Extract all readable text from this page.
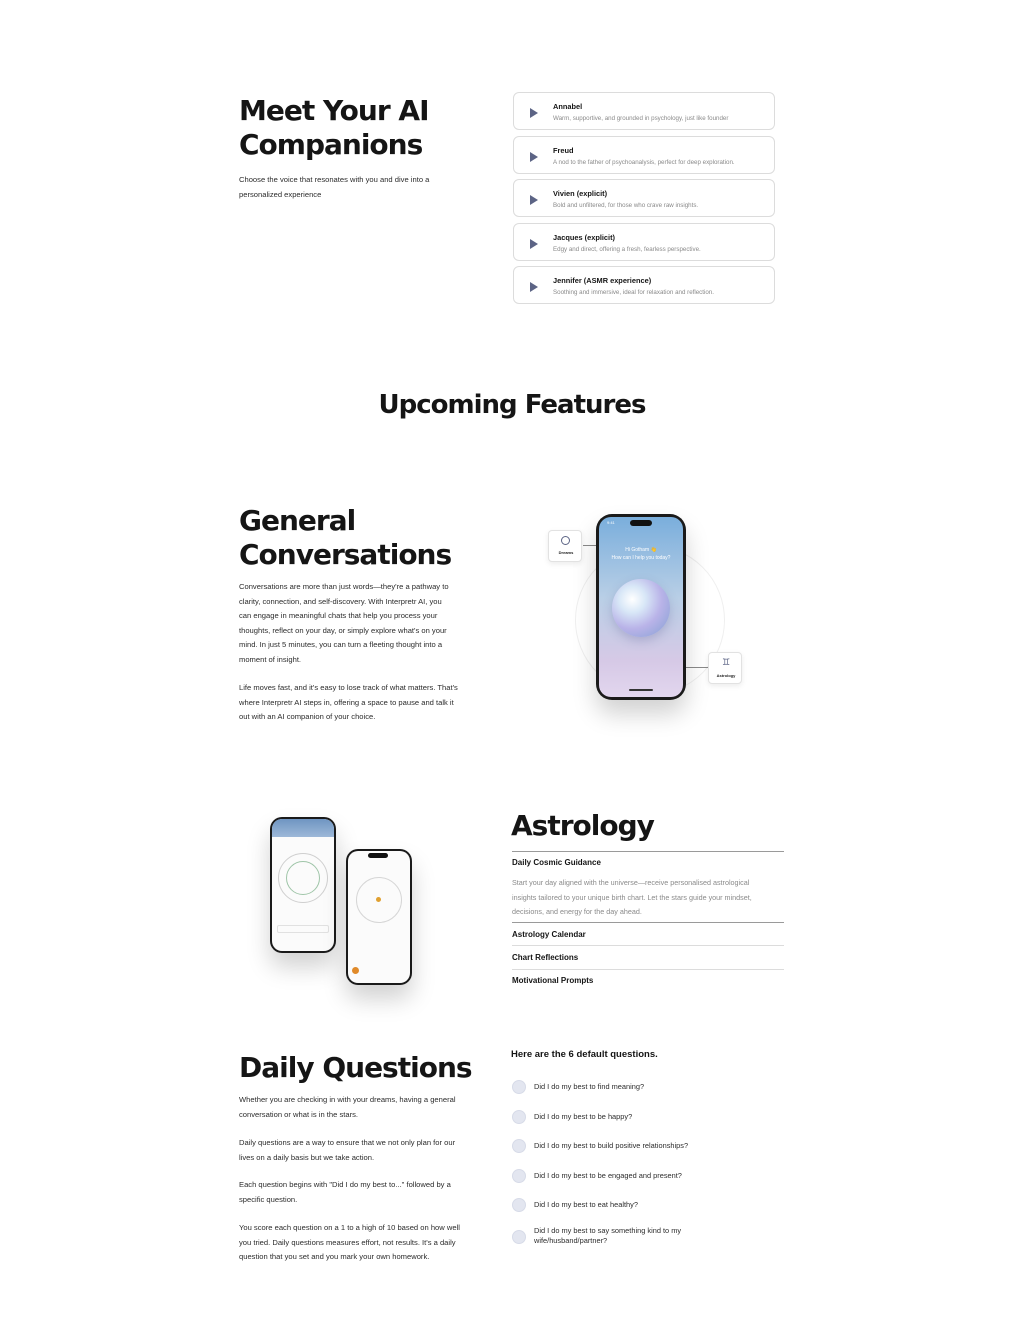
Meet Your AI
Companions

Choose the voice that resonates with you and dive into a
personalized experience

Annabel
Warm, supportive, and grounded in psychology, just like founder
Freud
A nod to the father of psychoanalysis, perfect for deep exploration.
Vivien (explicit)
Bold and unfiltered, for those who crave raw insights.
Jacques (explicit)
Edgy and direct, offering a fresh, fearless perspective.
Jennifer (ASMR experience)
Soothing and immersive, ideal for relaxation and reflection.
Upcoming Features
General
Conversations

Conversations are more than just words—they're a pathway to
clarity, connection, and self-discovery. With Interpretr AI, you
can engage in meaningful chats that help you process your
thoughts, reflect on your day, or simply explore what's on your
mind. In just 5 minutes, you can turn a fleeting thought into a
moment of insight.

Life moves fast, and it's easy to lose track of what matters. That's
where Interpretr AI steps in, offering a space to pause and talk it
out with an AI companion of your choice.

9:41
Hi Gotham 👋
How can I help you today?
Dreams
♊
Astrology
Astrology
Daily Cosmic Guidance

Start your day aligned with the universe—receive personalised astrological
insights tailored to your unique birth chart. Let the stars guide your mindset,
decisions, and energy for the day ahead.

Astrology Calendar
Chart Reflections
Motivational Prompts
Daily Questions

Whether you are checking in with your dreams, having a general
conversation or what is in the stars.

Daily questions are a way to ensure that we not only plan for our
lives on a daily basis but we take action.

Each question begins with "Did I do my best to..." followed by a
specific question.

You score each question on a 1 to a high of 10 based on how well
you tried. Daily questions measures effort, not results. It's a daily
question that you set and you mark your own homework.

Here are the 6 default questions.
Did I do my best to find meaning?
Did I do my best to be happy?
Did I do my best to build positive relationships?
Did I do my best to be engaged and present?
Did I do my best to eat healthy?
Did I do my best to say something kind to my
wife/husband/partner?
